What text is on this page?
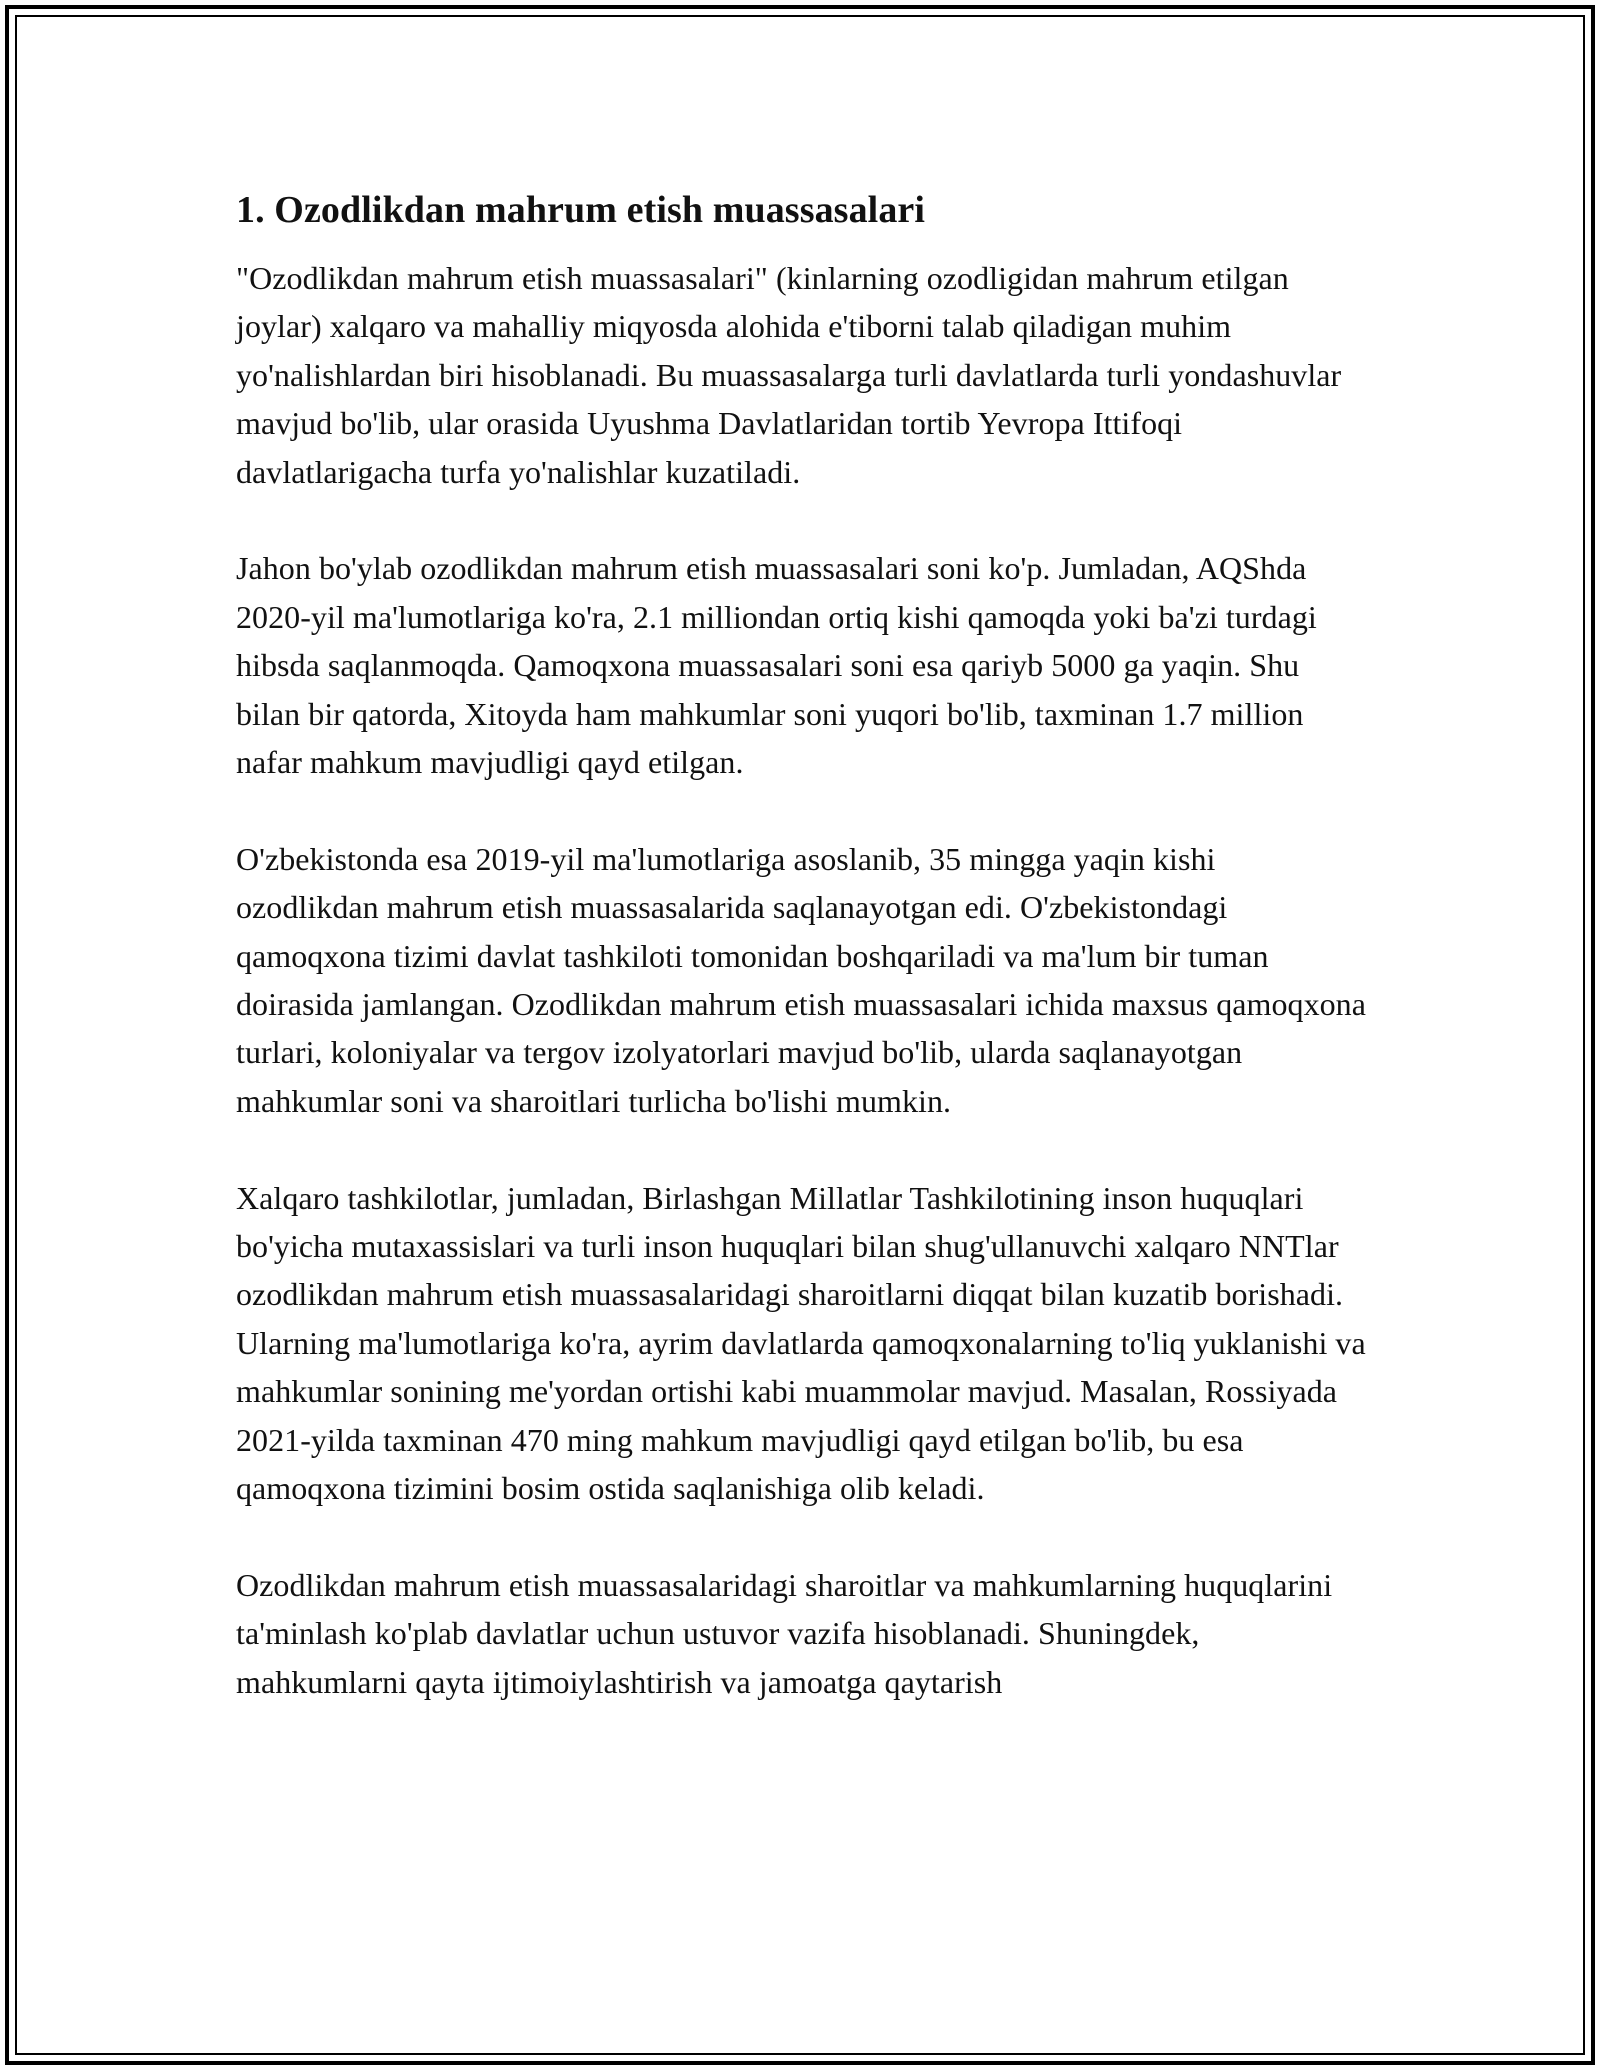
1. Ozodlikdan mahrum etish muassasalari

"Ozodlikdan mahrum etish muassasalari" (kinlarning ozodligidan mahrum etilgan joylar) xalqaro va mahalliy miqyosda alohida e'tiborni talab qiladigan muhim yo'nalishlardan biri hisoblanadi. Bu muassasalarga turli davlatlarda turli yondashuvlar mavjud bo'lib, ular orasida Uyushma Davlatlaridan tortib Yevropa Ittifoqi davlatlarigacha turfa yo'nalishlar kuzatiladi.

Jahon bo'ylab ozodlikdan mahrum etish muassasalari soni ko'p. Jumladan, AQShda 2020-yil ma'lumotlariga ko'ra, 2.1 milliondan ortiq kishi qamoqda yoki ba'zi turdagi hibsda saqlanmoqda. Qamoqxona muassasalari soni esa qariyb 5000 ga yaqin. Shu bilan bir qatorda, Xitoyda ham mahkumlar soni yuqori bo'lib, taxminan 1.7 million nafar mahkum mavjudligi qayd etilgan.

O'zbekistonda esa 2019-yil ma'lumotlariga asoslanib, 35 mingga yaqin kishi ozodlikdan mahrum etish muassasalarida saqlanayotgan edi. O'zbekistondagi qamoqxona tizimi davlat tashkiloti tomonidan boshqariladi va ma'lum bir tuman doirasida jamlangan. Ozodlikdan mahrum etish muassasalari ichida maxsus qamoqxona turlari, koloniyalar va tergov izolyatorlari mavjud bo'lib, ularda saqlanayotgan mahkumlar soni va sharoitlari turlicha bo'lishi mumkin.

Xalqaro tashkilotlar, jumladan, Birlashgan Millatlar Tashkilotining inson huquqlari bo'yicha mutaxassislari va turli inson huquqlari bilan shug'ullanuvchi xalqaro NNTlar ozodlikdan mahrum etish muassasalaridagi sharoitlarni diqqat bilan kuzatib borishadi. Ularning ma'lumotlariga ko'ra, ayrim davlatlarda qamoqxonalarning to'liq yuklanishi va mahkumlar sonining me'yordan ortishi kabi muammolar mavjud. Masalan, Rossiyada 2021-yilda taxminan 470 ming mahkum mavjudligi qayd etilgan bo'lib, bu esa qamoqxona tizimini bosim ostida saqlanishiga olib keladi.

Ozodlikdan mahrum etish muassasalaridagi sharoitlar va mahkumlarning huquqlarini ta'minlash ko'plab davlatlar uchun ustuvor vazifa hisoblanadi. Shuningdek, mahkumlarni qayta ijtimoiylashtirish va jamoatga qaytarish
